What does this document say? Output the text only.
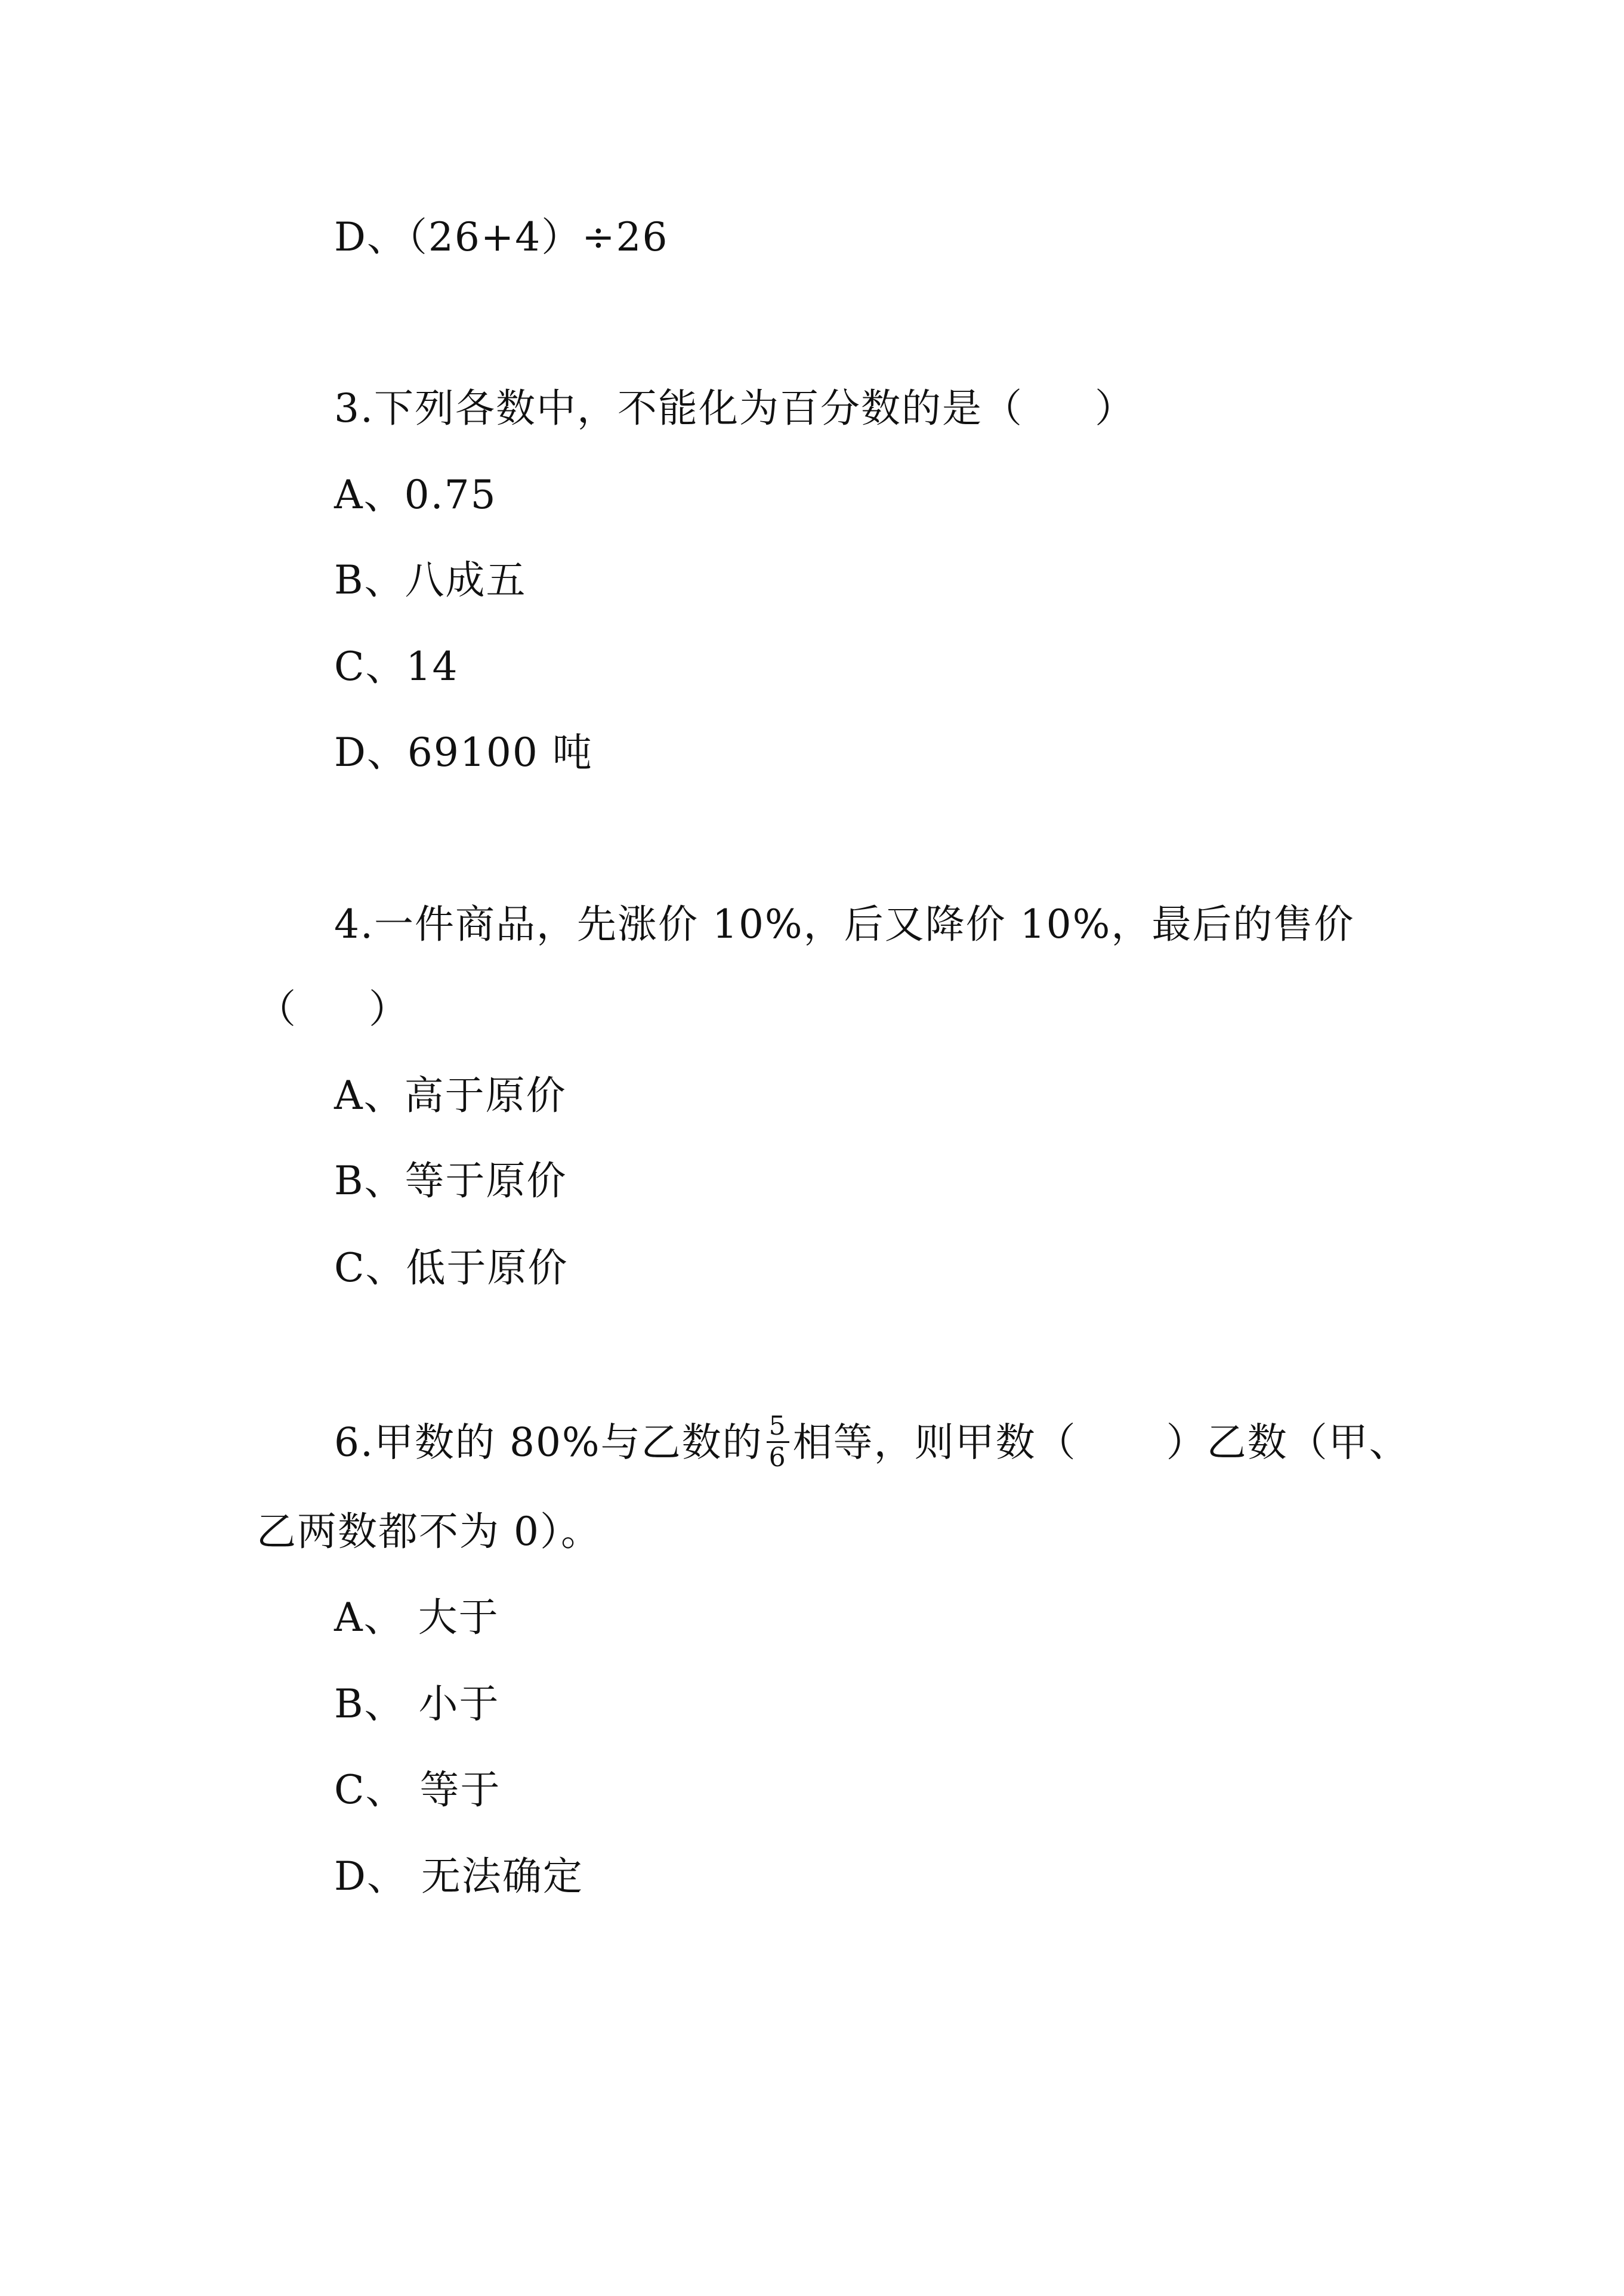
D、（26+4）÷26
3.下列各数中，不能化为百分数的是（ ）
A、0.75
B、八成五
C、14
D、69100 吨
4.一件商品，先涨价 10%，后又降价 10%，最后的售价
（ ）
A、高于原价
B、等于原价
C、低于原价
6.甲数的 80%与乙数的 $\frac{5}{6}$ 相等，则甲数（ ）乙数（甲、
乙两数都不为 0）。
A、 大于
B、 小于
C、 等于
D、 无法确定
